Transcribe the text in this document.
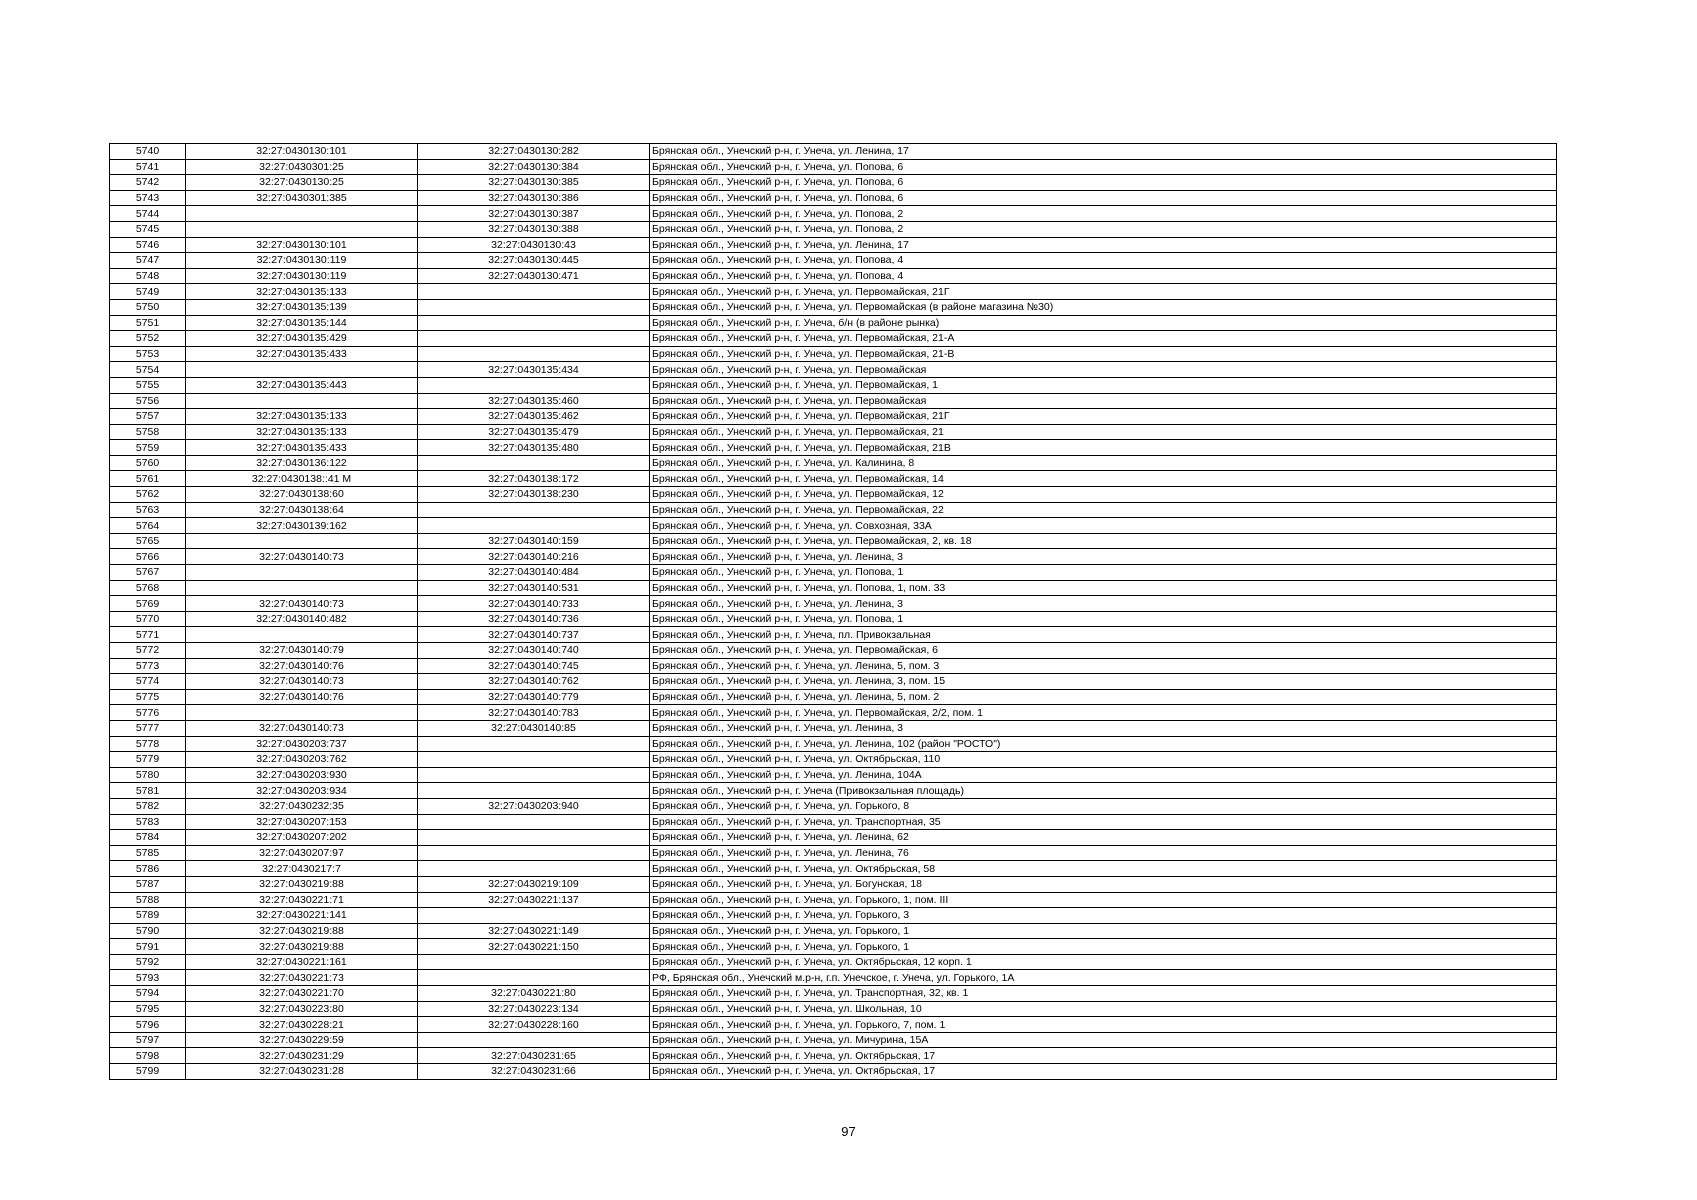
5740	32:27:0430130:101	32:27:0430130:282	Брянская обл., Унечский р-н, г. Унеча, ул. Ленина, 17
5741	32:27:0430301:25	32:27:0430130:384	Брянская обл., Унечский р-н, г. Унеча, ул. Попова, 6
5742	32:27:0430130:25	32:27:0430130:385	Брянская обл., Унечский р-н, г. Унеча, ул. Попова, 6
5743	32:27:0430301:385	32:27:0430130:386	Брянская обл., Унечский р-н, г. Унеча, ул. Попова, 6
5744		32:27:0430130:387	Брянская обл., Унечский р-н, г. Унеча, ул. Попова, 2
5745		32:27:0430130:388	Брянская обл., Унечский р-н, г. Унеча, ул. Попова, 2
5746	32:27:0430130:101	32:27:0430130:43	Брянская обл., Унечский р-н, г. Унеча, ул. Ленина, 17
5747	32:27:0430130:119	32:27:0430130:445	Брянская обл., Унечский р-н, г. Унеча, ул. Попова, 4
5748	32:27:0430130:119	32:27:0430130:471	Брянская обл., Унечский р-н, г. Унеча, ул. Попова, 4
5749	32:27:0430135:133		Брянская обл., Унечский р-н, г. Унеча, ул. Первомайская, 21Г
5750	32:27:0430135:139		Брянская обл., Унечский р-н, г. Унеча, ул. Первомайская (в районе магазина №30)
5751	32:27:0430135:144		Брянская обл., Унечский р-н, г. Унеча, б/н (в районе рынка)
5752	32:27:0430135:429		Брянская обл., Унечский р-н, г. Унеча, ул. Первомайская, 21-А
5753	32:27:0430135:433		Брянская обл., Унечский р-н, г. Унеча, ул. Первомайская, 21-В
5754		32:27:0430135:434	Брянская обл., Унечский р-н, г. Унеча, ул. Первомайская
5755	32:27:0430135:443		Брянская обл., Унечский р-н, г. Унеча, ул. Первомайская, 1
5756		32:27:0430135:460	Брянская обл., Унечский р-н, г. Унеча, ул. Первомайская
5757	32:27:0430135:133	32:27:0430135:462	Брянская обл., Унечский р-н, г. Унеча, ул. Первомайская, 21Г
5758	32:27:0430135:133	32:27:0430135:479	Брянская обл., Унечский р-н, г. Унеча, ул. Первомайская, 21
5759	32:27:0430135:433	32:27:0430135:480	Брянская обл., Унечский р-н, г. Унеча, ул. Первомайская, 21В
5760	32:27:0430136:122		Брянская обл., Унечский р-н, г. Унеча, ул. Калинина, 8
5761	32:27:0430138::41 М	32:27:0430138:172	Брянская обл., Унечский р-н, г. Унеча, ул. Первомайская, 14
5762	32:27:0430138:60	32:27:0430138:230	Брянская обл., Унечский р-н, г. Унеча, ул. Первомайская, 12
5763	32:27:0430138:64		Брянская обл., Унечский р-н, г. Унеча, ул. Первомайская, 22
5764	32:27:0430139:162		Брянская обл., Унечский р-н, г. Унеча, ул. Совхозная, 33А
5765		32:27:0430140:159	Брянская обл., Унечский р-н, г. Унеча, ул. Первомайская, 2, кв. 18
5766	32:27:0430140:73	32:27:0430140:216	Брянская обл., Унечский р-н, г. Унеча, ул. Ленина, 3
5767		32:27:0430140:484	Брянская обл., Унечский р-н, г. Унеча, ул. Попова, 1
5768		32:27:0430140:531	Брянская обл., Унечский р-н, г. Унеча, ул. Попова, 1, пом. 33
5769	32:27:0430140:73	32:27:0430140:733	Брянская обл., Унечский р-н, г. Унеча, ул. Ленина, 3
5770	32:27:0430140:482	32:27:0430140:736	Брянская обл., Унечский р-н, г. Унеча, ул. Попова, 1
5771		32:27:0430140:737	Брянская обл., Унечский р-н, г. Унеча, пл. Привокзальная
5772	32:27:0430140:79	32:27:0430140:740	Брянская обл., Унечский р-н, г. Унеча, ул. Первомайская, 6
5773	32:27:0430140:76	32:27:0430140:745	Брянская обл., Унечский р-н, г. Унеча, ул. Ленина, 5, пом. 3
5774	32:27:0430140:73	32:27:0430140:762	Брянская обл., Унечский р-н, г. Унеча, ул. Ленина, 3, пом. 15
5775	32:27:0430140:76	32:27:0430140:779	Брянская обл., Унечский р-н, г. Унеча, ул. Ленина, 5, пом. 2
5776		32:27:0430140:783	Брянская обл., Унечский р-н, г. Унеча, ул. Первомайская, 2/2, пом. 1
5777	32:27:0430140:73	32:27:0430140:85	Брянская обл., Унечский р-н, г. Унеча, ул. Ленина, 3
5778	32:27:0430203:737		Брянская обл., Унечский р-н, г. Унеча, ул. Ленина, 102 (район "РОСТО")
5779	32:27:0430203:762		Брянская обл., Унечский р-н, г. Унеча, ул. Октябрьская, 110
5780	32:27:0430203:930		Брянская обл., Унечский р-н, г. Унеча, ул. Ленина, 104А
5781	32:27:0430203:934		Брянская обл., Унечский р-н, г. Унеча (Привокзальная площадь)
5782	32:27:0430232:35	32:27:0430203:940	Брянская обл., Унечский р-н, г. Унеча, ул. Горького, 8
5783	32:27:0430207:153		Брянская обл., Унечский р-н, г. Унеча, ул. Транспортная, 35
5784	32:27:0430207:202		Брянская обл., Унечский р-н, г. Унеча, ул. Ленина, 62
5785	32:27:0430207:97		Брянская обл., Унечский р-н, г. Унеча, ул. Ленина, 76
5786	32:27:0430217:7		Брянская обл., Унечский р-н, г. Унеча, ул. Октябрьская, 58
5787	32:27:0430219:88	32:27:0430219:109	Брянская обл., Унечский р-н, г. Унеча, ул. Богунская, 18
5788	32:27:0430221:71	32:27:0430221:137	Брянская обл., Унечский р-н, г. Унеча, ул. Горького, 1, пом. III
5789	32:27:0430221:141		Брянская обл., Унечский р-н, г. Унеча, ул. Горького, 3
5790	32:27:0430219:88	32:27:0430221:149	Брянская обл., Унечский р-н, г. Унеча, ул. Горького, 1
5791	32:27:0430219:88	32:27:0430221:150	Брянская обл., Унечский р-н, г. Унеча, ул. Горького, 1
5792	32:27:0430221:161		Брянская обл., Унечский р-н, г. Унеча, ул. Октябрьская, 12 корп. 1
5793	32:27:0430221:73		РФ, Брянская обл., Унечский м.р-н, г.п. Унечское, г. Унеча, ул. Горького, 1А
5794	32:27:0430221:70	32:27:0430221:80	Брянская обл., Унечский р-н, г. Унеча, ул. Транспортная, 32, кв. 1
5795	32:27:0430223:80	32:27:0430223:134	Брянская обл., Унечский р-н, г. Унеча, ул. Школьная, 10
5796	32:27:0430228:21	32:27:0430228:160	Брянская обл., Унечский р-н, г. Унеча, ул. Горького, 7, пом. 1
5797	32:27:0430229:59		Брянская обл., Унечский р-н, г. Унеча, ул. Мичурина, 15А
5798	32:27:0430231:29	32:27:0430231:65	Брянская обл., Унечский р-н, г. Унеча, ул. Октябрьская, 17
5799	32:27:0430231:28	32:27:0430231:66	Брянская обл., Унечский р-н, г. Унеча, ул. Октябрьская, 17
97
